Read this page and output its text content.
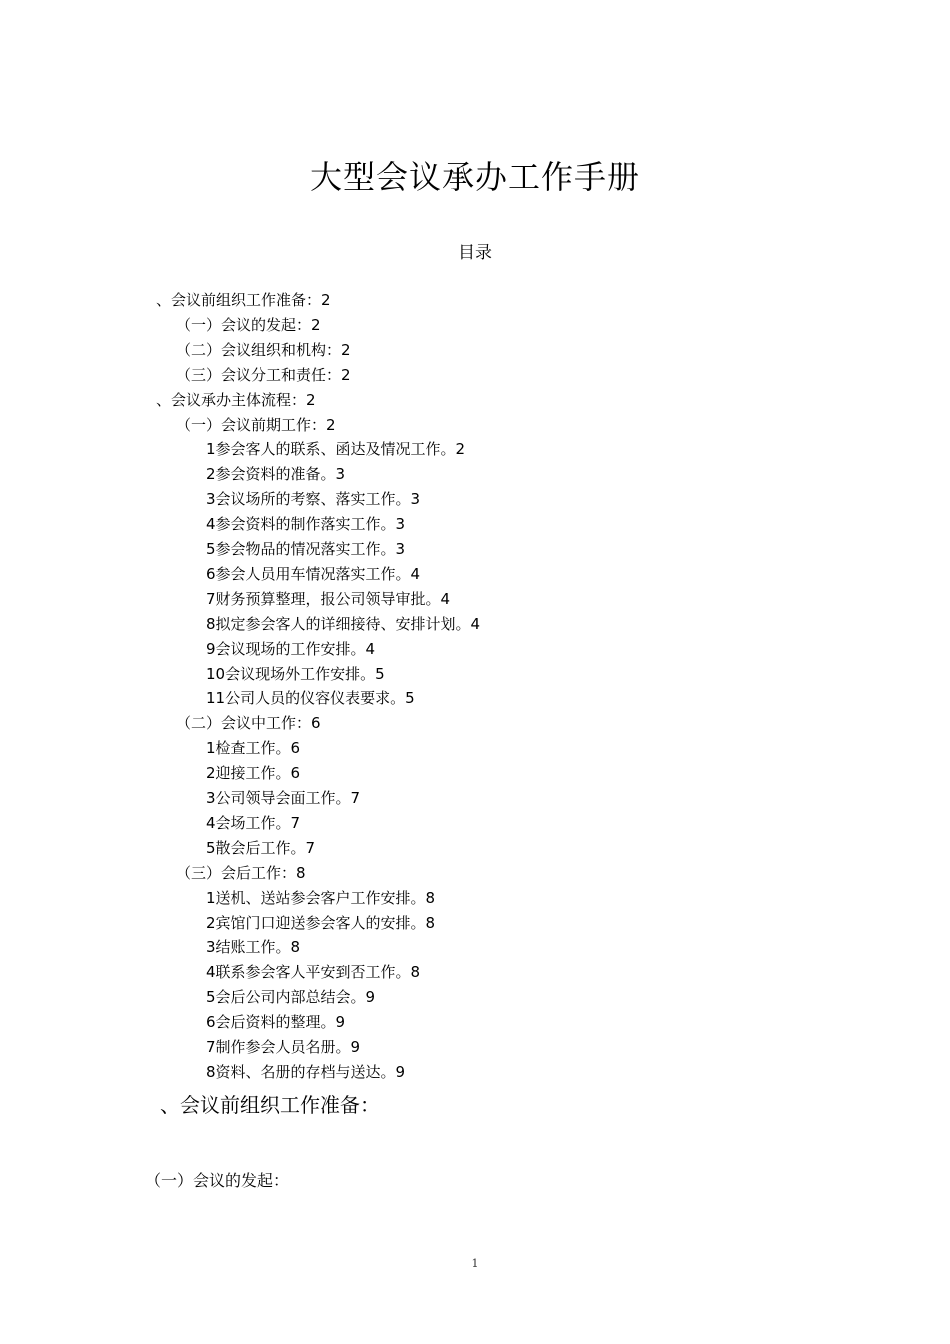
大型会议承办工作手册
目录
、会议前组织工作准备：2
（一）会议的发起：2
（二）会议组织和机构：2
（三）会议分工和责任：2
、会议承办主体流程：2
（一）会议前期工作：2
1参会客人的联系、函达及情况工作。2
2参会资料的准备。3
3会议场所的考察、落实工作。3
4参会资料的制作落实工作。3
5参会物品的情况落实工作。3
6参会人员用车情况落实工作。4
7财务预算整理，报公司领导审批。4
8拟定参会客人的详细接待、安排计划。4
9会议现场的工作安排。4
10会议现场外工作安排。5
11公司人员的仪容仪表要求。5
（二）会议中工作：6
1检查工作。6
2迎接工作。6
3公司领导会面工作。7
4会场工作。7
5散会后工作。7
（三）会后工作：8
1送机、送站参会客户工作安排。8
2宾馆门口迎送参会客人的安排。8
3结账工作。8
4联系参会客人平安到否工作。8
5会后公司内部总结会。9
6会后资料的整理。9
7制作参会人员名册。9
8资料、名册的存档与送达。9
、会议前组织工作准备：
（一）会议的发起：
1
